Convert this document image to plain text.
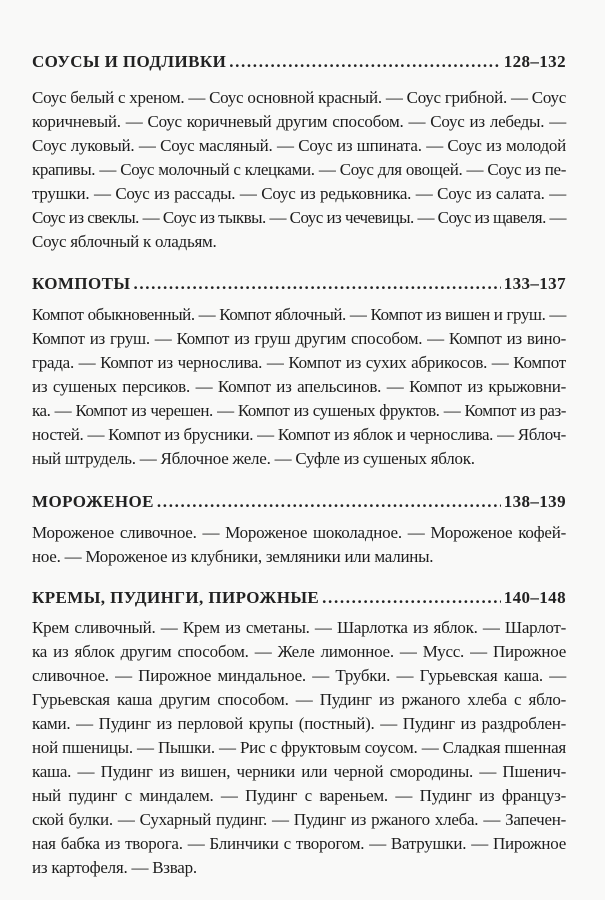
СОУСЫ И ПОДЛИВКИ . . .	128–132
Соус белый с хреном. — Соус основной красный. — Соус грибной. — Соус
коричневый. — Соус коричневый другим способом. — Соус из лебеды. —
Соус луковый. — Соус масляный. — Соус из шпината. — Соус из молодой
крапивы. — Соус молочный с клецками. — Соус для овощей. — Соус из пе-
трушки. — Соус из рассады. — Соус из редьковника. — Соус из салата. —
Соус из свеклы. — Соус из тыквы. — Соус из чечевицы. — Соус из щавеля. —
Соус яблочный к оладьям.
КОМПОТЫ . . .	133–137
Компот обыкновенный. — Компот яблочный. — Компот из вишен и груш. —
Компот из груш. — Компот из груш другим способом. — Компот из вино-
града. — Компот из чернослива. — Компот из сухих абрикосов. — Компот
из сушеных персиков. — Компот из апельсинов. — Компот из крыжовни-
ка. — Компот из черешен. — Компот из сушеных фруктов. — Компот из раз-
ностей. — Компот из брусники. — Компот из яблок и чернослива. — Яблоч-
ный штрудель. — Яблочное желе. — Суфле из сушеных яблок.
МОРОЖЕНОЕ . . .	138–139
Мороженое сливочное. — Мороженое шоколадное. — Мороженое кофей-
ное. — Мороженое из клубники, земляники или малины.
КРЕМЫ, ПУДИНГИ, ПИРОЖНЫЕ . . .	140–148
Крем сливочный. — Крем из сметаны. — Шарлотка из яблок. — Шарлот-
ка из яблок другим способом. — Желе лимонное. — Мусс. — Пирожное
сливочное. — Пирожное миндальное. — Трубки. — Гурьевская каша. —
Гурьевская каша другим способом. — Пудинг из ржаного хлеба с ябло-
ками. — Пудинг из перловой крупы (постный). — Пудинг из раздроблен-
ной пшеницы. — Пышки. — Рис с фруктовым соусом. — Сладкая пшенная
каша. — Пудинг из вишен, черники или черной смородины. — Пшенич-
ный пудинг с миндалем. — Пудинг с вареньем. — Пудинг из француз-
ской булки. — Сухарный пудинг. — Пудинг из ржаного хлеба. — Запечен-
ная бабка из творога. — Блинчики с творогом. — Ватрушки. — Пирожное
из картофеля. — Взвар.
